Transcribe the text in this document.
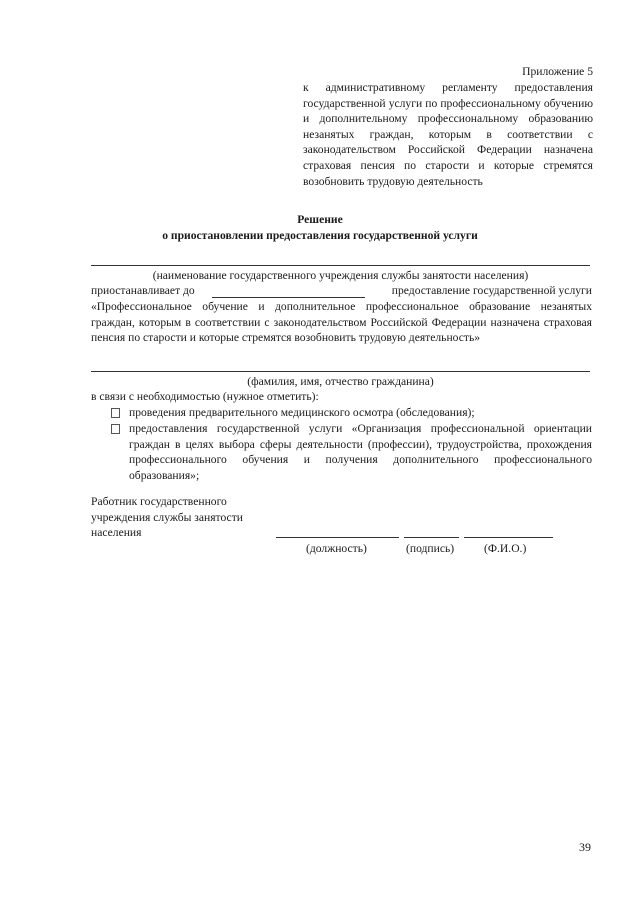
Приложение 5
к административному регламенту предоставления государственной услуги по профессиональному обучению и дополнительному профессиональному образованию незанятых граждан, которым в соответствии с законодательством Российской Федерации назначена страховая пенсия по старости и которые стремятся возобновить трудовую деятельность
Решение
о приостановлении предоставления государственной услуги
(наименование государственного учреждения службы занятости населения)
приостанавливает до	предоставление государственной услуги
«Профессиональное обучение и дополнительное профессиональное образование незанятых граждан, которым в соответствии с законодательством Российской Федерации назначена страховая пенсия по старости и которые стремятся возобновить трудовую деятельность»
(фамилия, имя, отчество гражданина)
в связи с необходимостью (нужное отметить):
проведения предварительного медицинского осмотра (обследования);
предоставления государственной услуги «Организация профессиональной ориентации граждан в целях выбора сферы деятельности (профессии), трудоустройства, прохождения профессионального обучения и получения дополнительного профессионального образования»;
Работник государственного учреждения службы занятости населения
(должность)	(подпись)	(Ф.И.О.)
39
